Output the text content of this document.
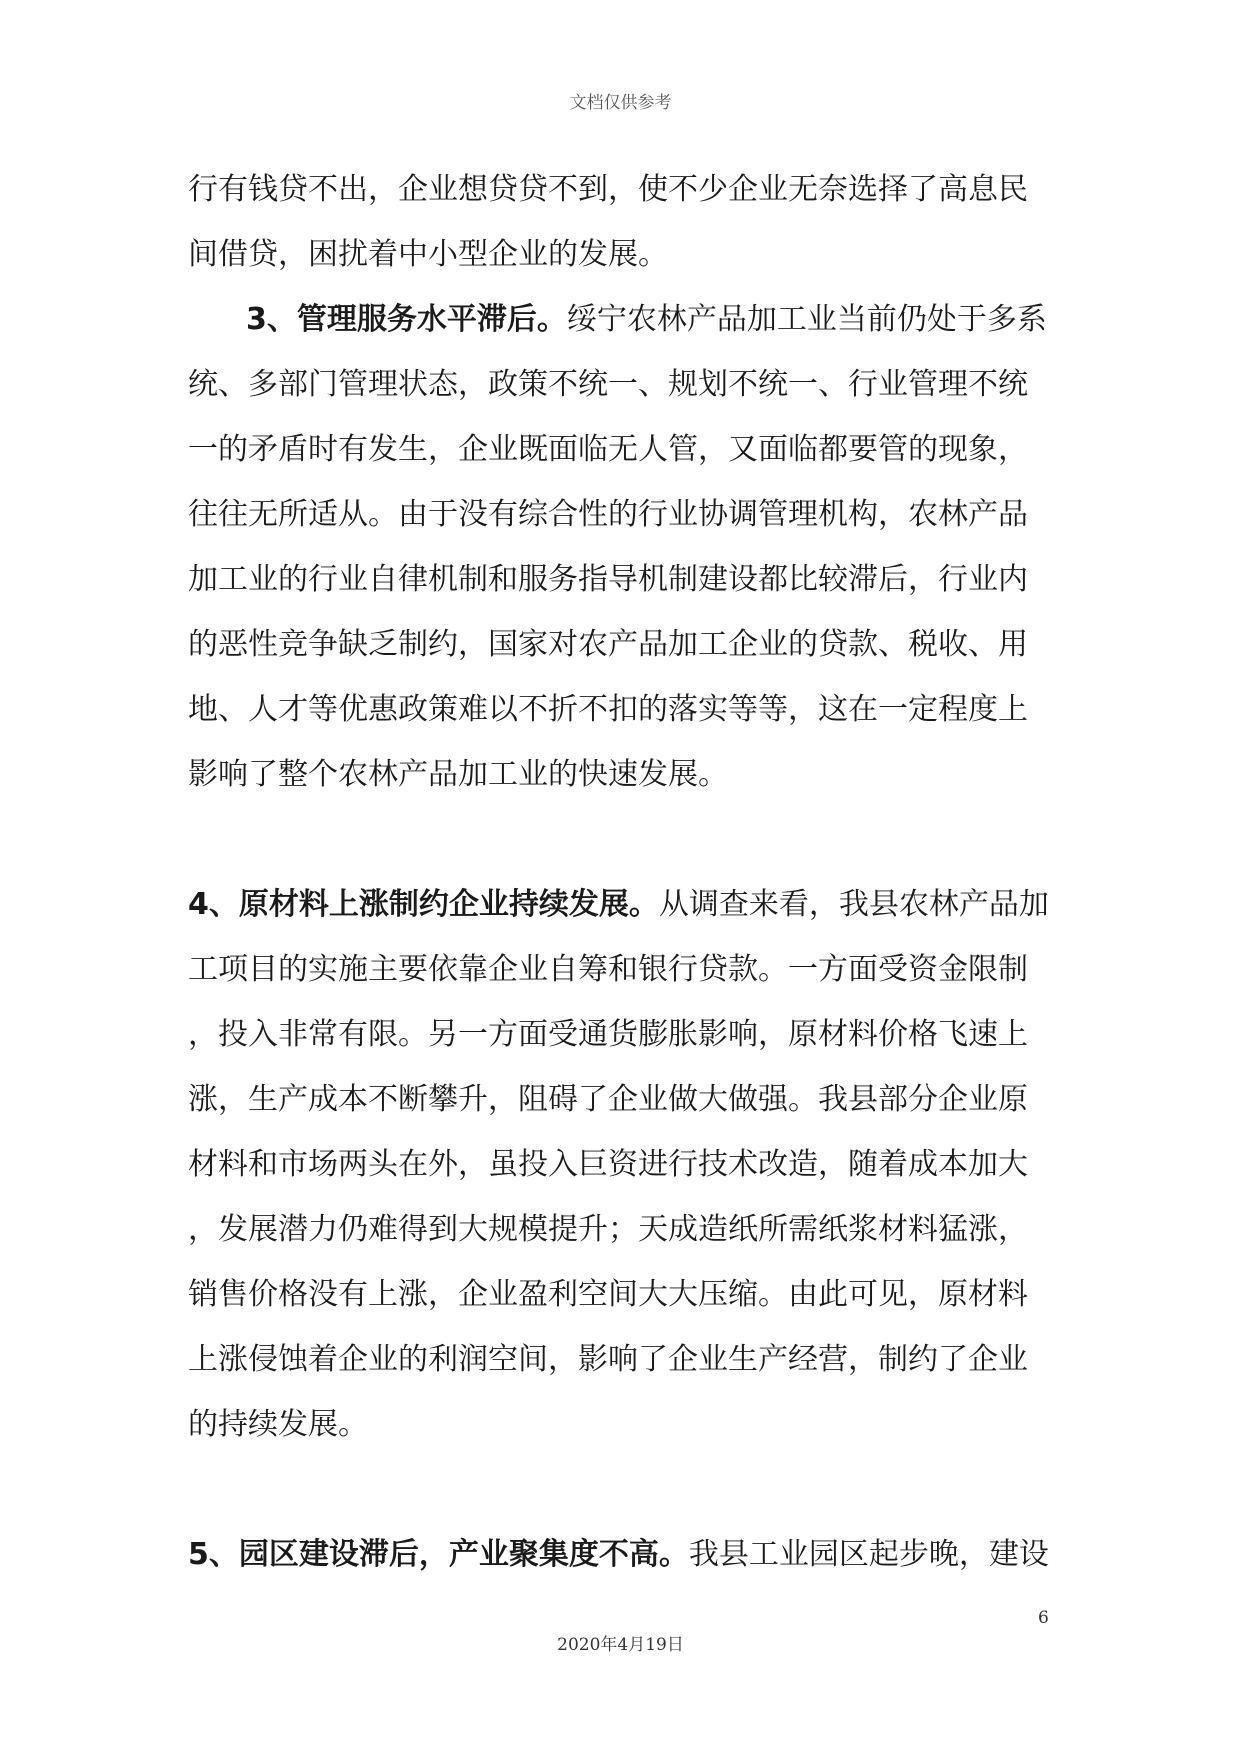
文档仅供参考
行有钱贷不出，企业想贷贷不到，使不少企业无奈选择了高息民
间借贷，困扰着中小型企业的发展。
3、管理服务水平滞后。绥宁农林产品加工业当前仍处于多系
统、多部门管理状态，政策不统一、规划不统一、行业管理不统
一的矛盾时有发生，企业既面临无人管，又面临都要管的现象，
往往无所适从。由于没有综合性的行业协调管理机构，农林产品
加工业的行业自律机制和服务指导机制建设都比较滞后，行业内
的恶性竞争缺乏制约，国家对农产品加工企业的贷款、税收、用
地、人才等优惠政策难以不折不扣的落实等等，这在一定程度上
影响了整个农林产品加工业的快速发展。
4、原材料上涨制约企业持续发展。从调查来看，我县农林产品加
工项目的实施主要依靠企业自筹和银行贷款。一方面受资金限制
，投入非常有限。另一方面受通货膨胀影响，原材料价格飞速上
涨，生产成本不断攀升，阻碍了企业做大做强。我县部分企业原
材料和市场两头在外，虽投入巨资进行技术改造，随着成本加大
，发展潜力仍难得到大规模提升；天成造纸所需纸浆材料猛涨，
销售价格没有上涨，企业盈利空间大大压缩。由此可见，原材料
上涨侵蚀着企业的利润空间，影响了企业生产经营，制约了企业
的持续发展。
5、园区建设滞后，产业聚集度不高。我县工业园区起步晚，建设
6
2020年4月19日
